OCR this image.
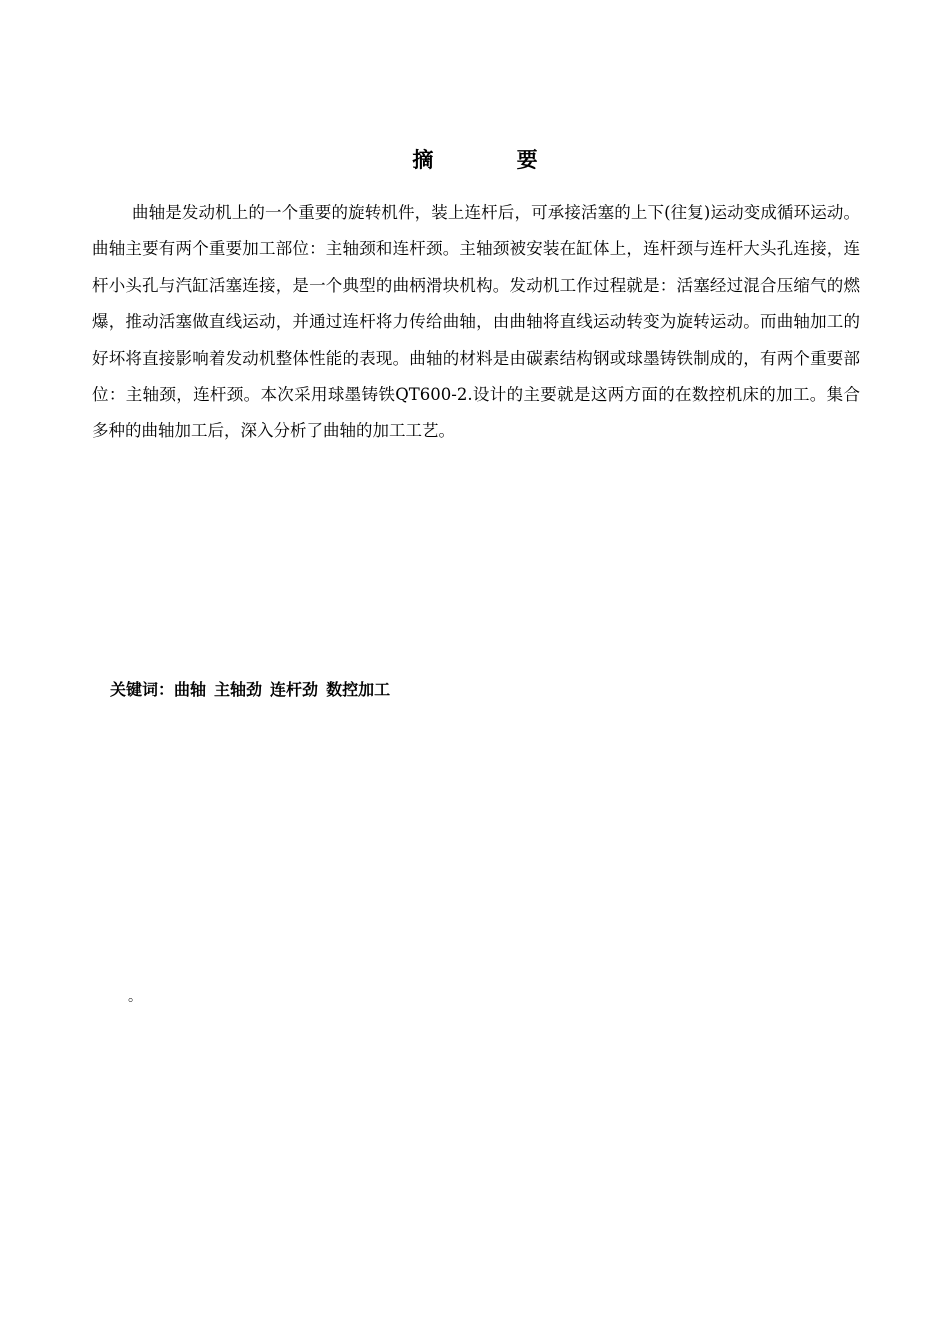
摘 要

曲轴是发动机上的一个重要的旋转机件，装上连杆后，可承接活塞的上下(往复)运动变成循环运动。曲轴主要有两个重要加工部位：主轴颈和连杆颈。主轴颈被安装在缸体上，连杆颈与连杆大头孔连接，连杆小头孔与汽缸活塞连接，是一个典型的曲柄滑块机构。发动机工作过程就是：活塞经过混合压缩气的燃爆，推动活塞做直线运动，并通过连杆将力传给曲轴，由曲轴将直线运动转变为旋转运动。而曲轴加工的好坏将直接影响着发动机整体性能的表现。曲轴的材料是由碳素结构钢或球墨铸铁制成的，有两个重要部位：主轴颈，连杆颈。本次采用球墨铸铁QT600-2.设计的主要就是这两方面的在数控机床的加工。集合多种的曲轴加工后，深入分析了曲轴的加工工艺。

关键词：曲轴 主轴劲 连杆劲 数控加工
。
